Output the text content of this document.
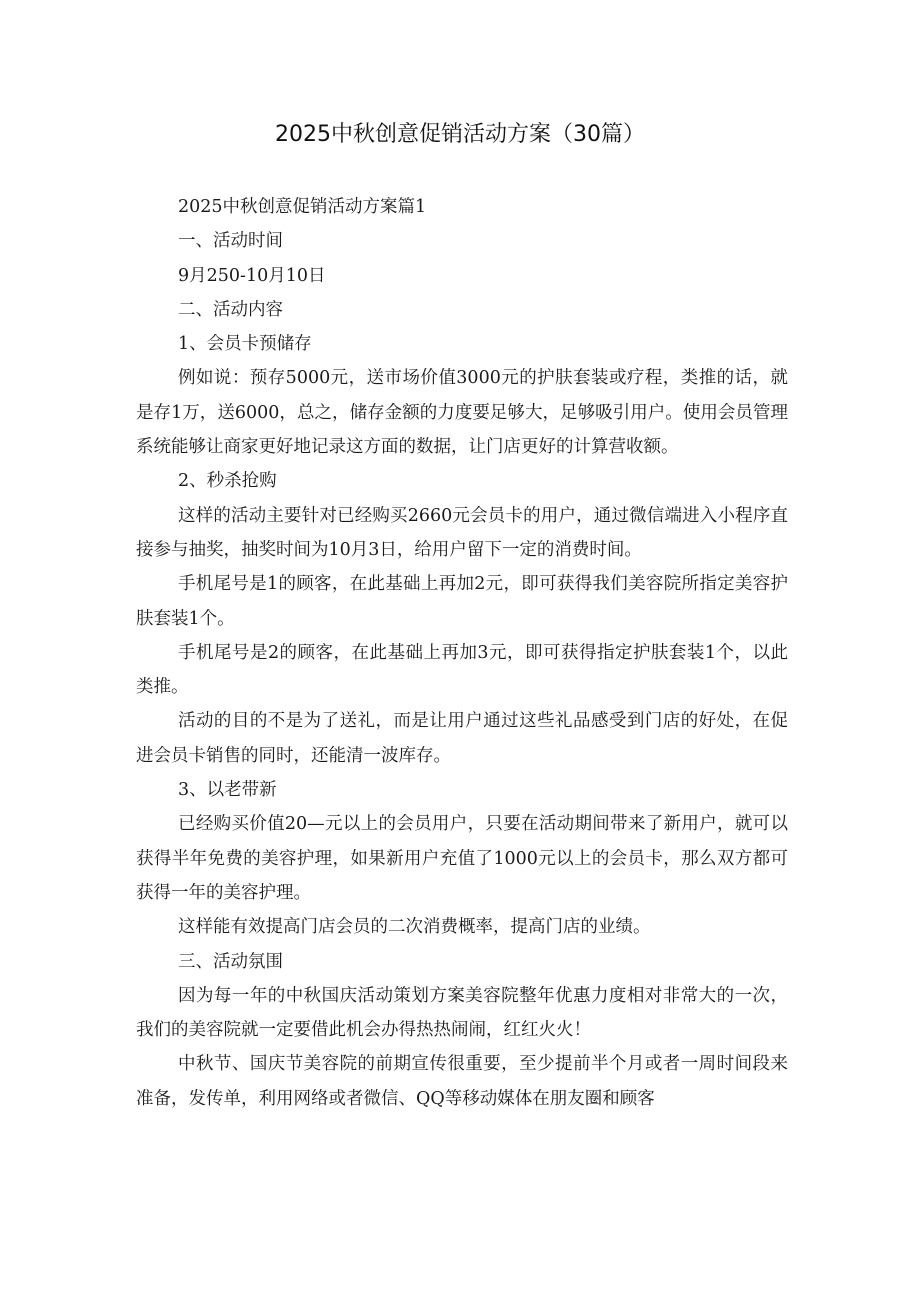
2025中秋创意促销活动方案（30篇）

2025中秋创意促销活动方案篇1

一、活动时间

9月250-10月10日

二、活动内容

1、会员卡预储存

例如说：预存5000元，送市场价值3000元的护肤套装或疗程，类推的话，就是存1万，送6000，总之，储存金额的力度要足够大，足够吸引用户。使用会员管理系统能够让商家更好地记录这方面的数据，让门店更好的计算营收额。

2、秒杀抢购

这样的活动主要针对已经购买2660元会员卡的用户，通过微信端进入小程序直接参与抽奖，抽奖时间为10月3日，给用户留下一定的消费时间。

手机尾号是1的顾客，在此基础上再加2元，即可获得我们美容院所指定美容护肤套装1个。

手机尾号是2的顾客，在此基础上再加3元，即可获得指定护肤套装1个，以此类推。

活动的目的不是为了送礼，而是让用户通过这些礼品感受到门店的好处，在促进会员卡销售的同时，还能清一波库存。

3、以老带新

已经购买价值20—元以上的会员用户，只要在活动期间带来了新用户，就可以获得半年免费的美容护理，如果新用户充值了1000元以上的会员卡，那么双方都可获得一年的美容护理。

这样能有效提高门店会员的二次消费概率，提高门店的业绩。

三、活动氛围

因为每一年的中秋国庆活动策划方案美容院整年优惠力度相对非常大的一次，我们的美容院就一定要借此机会办得热热闹闹，红红火火！

中秋节、国庆节美容院的前期宣传很重要，至少提前半个月或者一周时间段来准备，发传单，利用网络或者微信、QQ等移动媒体在朋友圈和顾客
